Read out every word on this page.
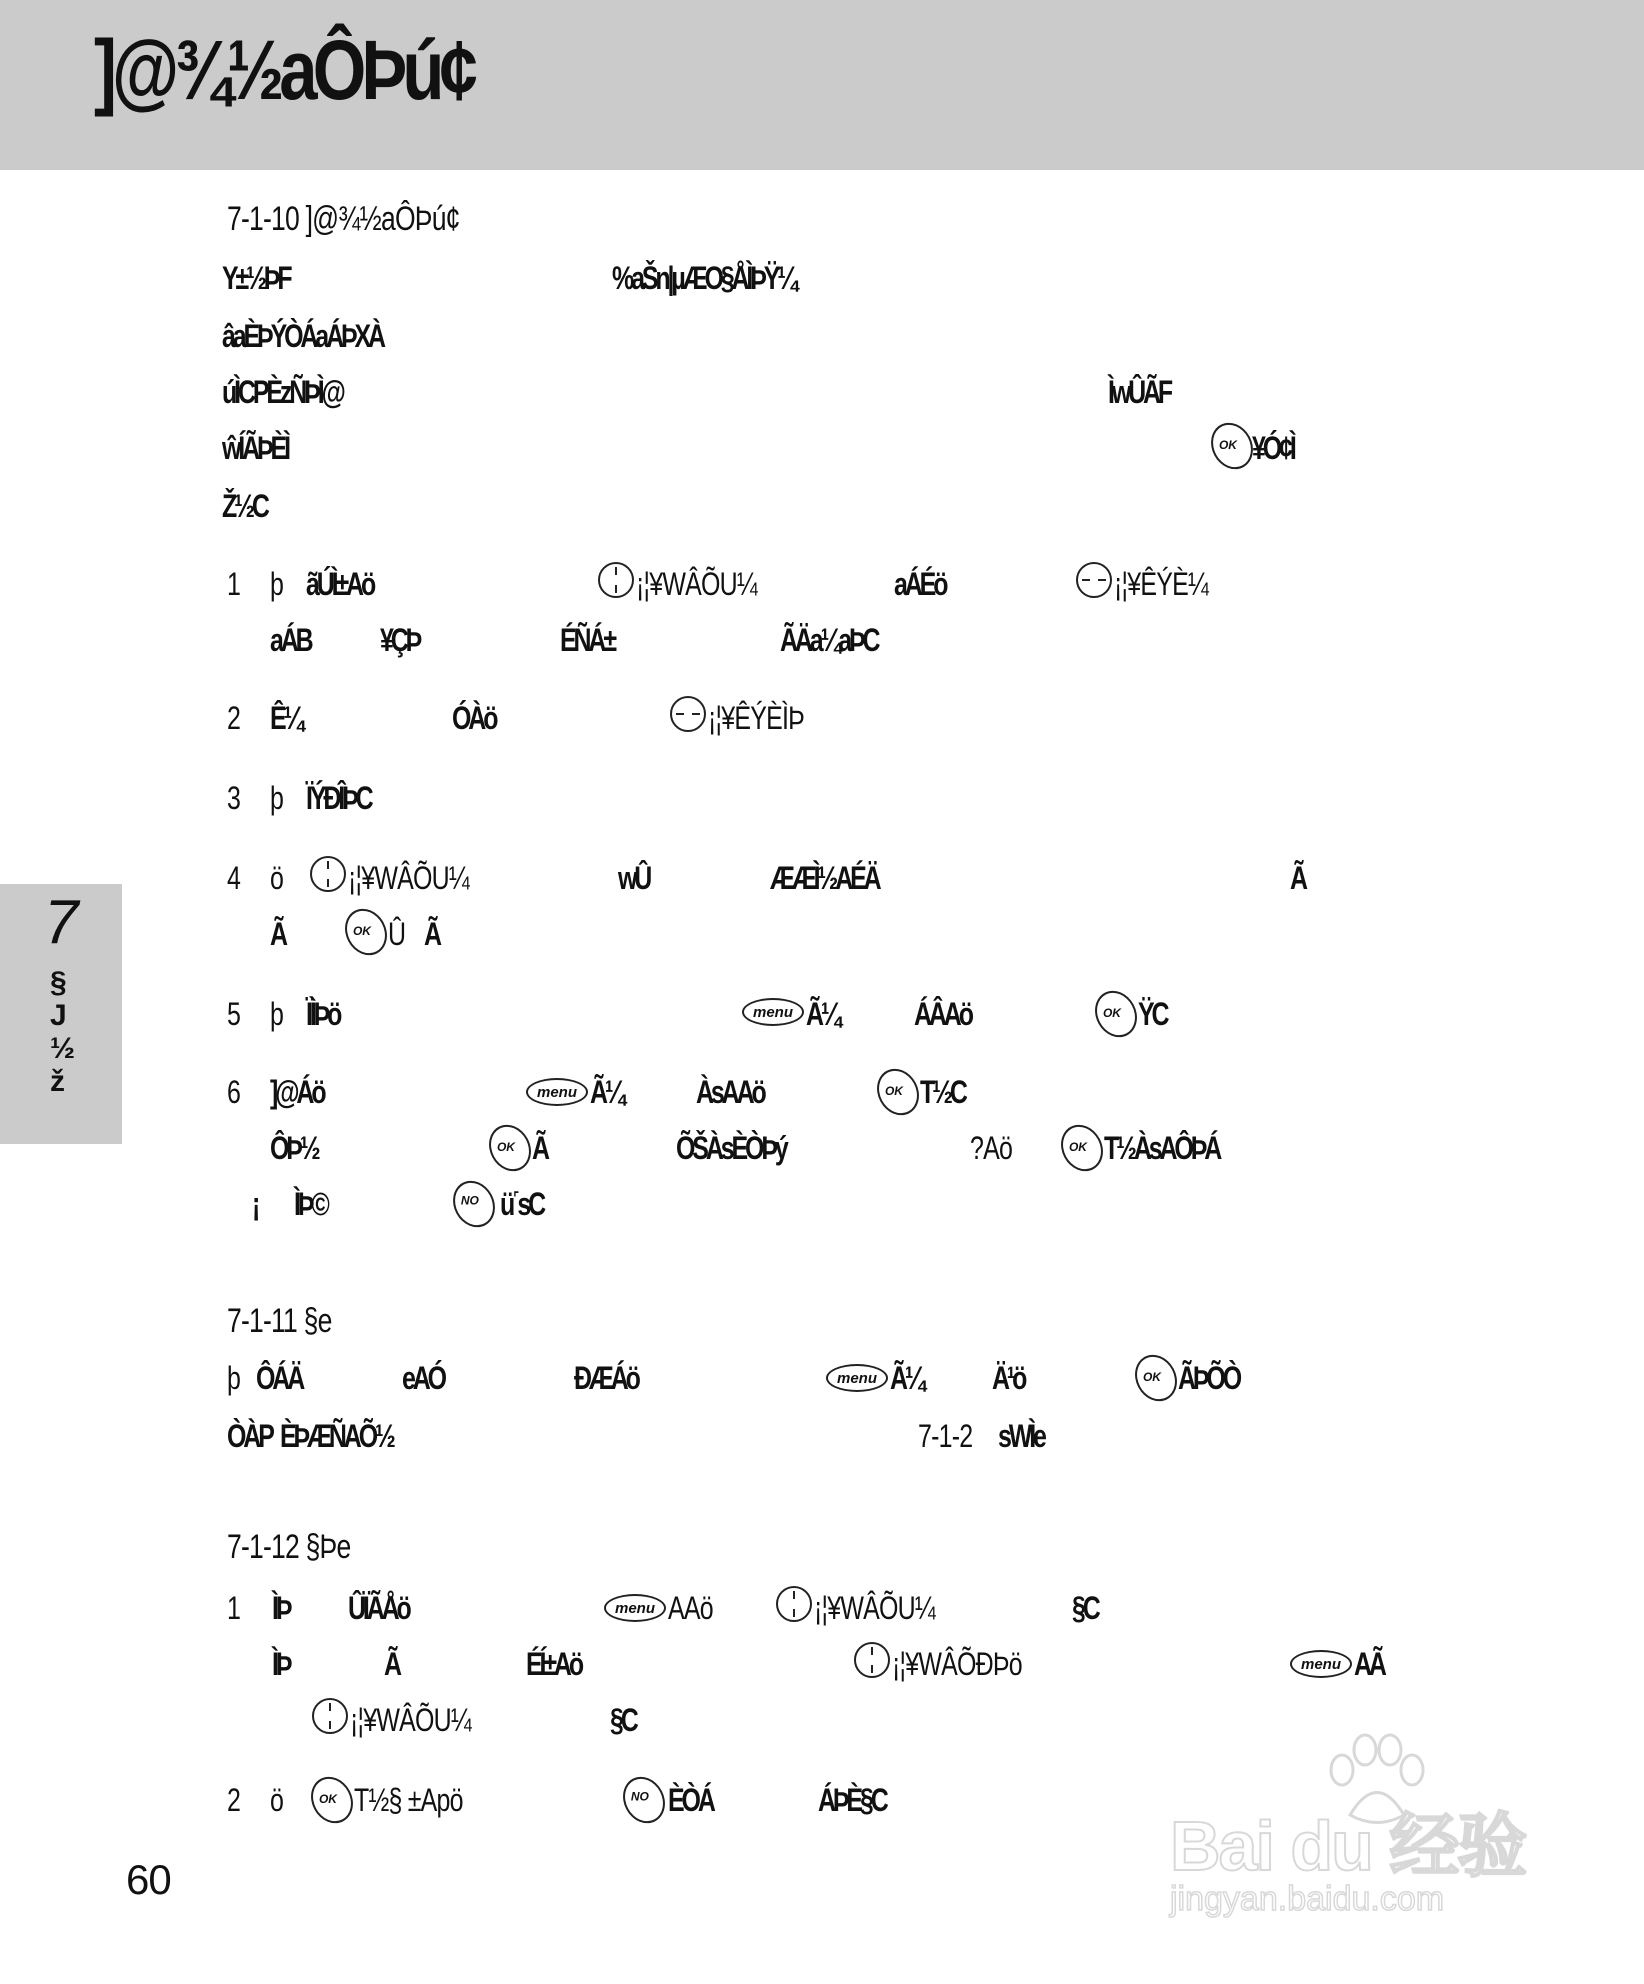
]@¾½aÔÞú¢
7
§J½ž
7-1-10 ]@¾½aÔÞú¢
Y±½ÞF	%aŠn|µÆO§ÅÌÞŸ¼
âaÈÞÝÒÁaÁÞXÀ
úÌCPÈzÑÞÌ@	ÌwÛÃF
ŵÍÃÞÈÌ	OK ¥Ó¢Ì
Ž½C
1 þ ãÚÌ±Aö	¡¦¥WÂÕU¼	aÁÉö	¡¦¥ÊÝÈ¼
aÁB ¥ÇÞ	ÉÑÁ±	ÃÄa¼aÞC
2 Ê¼	ÓÀö	¡¦¥ÊÝÈÌÞ
3 þ ÏÝÐÎÞC
4 ö ¡¦¥WÂÕU¼	wÛ	ÆÆÌ½AÉÄ	Ã
Ã	OK Û Ã
5 þ ÏÌÞö	menu Ã¼ ÁÂAö	OK ŸC
6 ]@Áö	menu Ã¼ ÀsAAö	OK T½C
ÔÞ½	OK Ã	ÕŠÀsÈÒÞý	?Aö	OK T½ÀsAÔÞÁ
¡ ÌÞ©	NO ü˹sC
7-1-11 §e
þ ÔÁÄ	eAÓ	ÐÆÁö	menu Ã¼ Ä¹ö	OK ÃÞÕÒ
ÒÀP ÈÞÆÑAÕ½	7-1-2 sWÌe
7-1-12 §Þe
1 ÌÞ ÛÏÃÅö	menu AAö	¡¦¥WÂÕU¼	§C
ÌÞ	Ã	ÉÍ±Aö	¡¦¥WÂÕÐÞö	menu AÃ
¡¦¥WÂÕU¼	§C
2 ö	OK T½§ ±Apö	NO ÈÒÁ	ÁÞÈ§C
60	Bai du 经验
jingyan.baidu.com
